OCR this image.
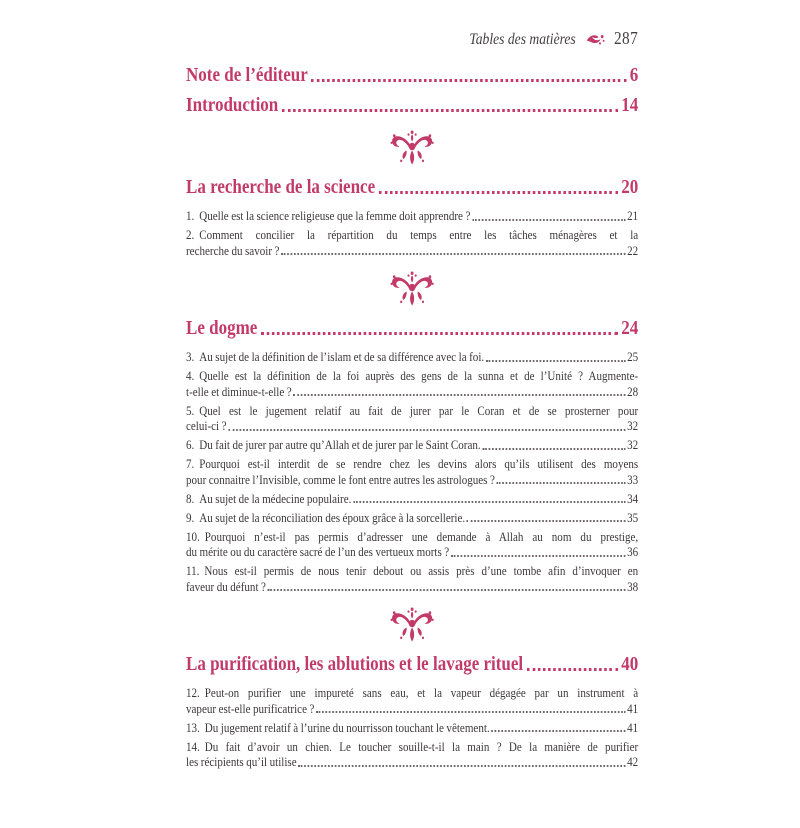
Tables des matières 287
Note de l’éditeur	6
Introduction	14
La recherche de la science	20
1. Quelle est la science religieuse que la femme doit apprendre ?	21
2. Comment concilier la répartition du temps entre les tâches ménagères et la
recherche du savoir ?	22
Le dogme	24
3. Au sujet de la définition de l’islam et de sa différence avec la foi.	25
4. Quelle est la définition de la foi auprès des gens de la sunna et de l’Unité ? Augmente-
t-elle et diminue-t-elle ?	28
5. Quel est le jugement relatif au fait de jurer par le Coran et de se prosterner pour
celui-ci ?	32
6. Du fait de jurer par autre qu’Allah et de jurer par le Saint Coran.	32
7. Pourquoi est-il interdit de se rendre chez les devins alors qu’ils utilisent des moyens
pour connaitre l’Invisible, comme le font entre autres les astrologues ?	33
8. Au sujet de la médecine populaire.	34
9. Au sujet de la réconciliation des époux grâce à la sorcellerie.	35
10. Pourquoi n’est-il pas permis d’adresser une demande à Allah au nom du prestige,
du mérite ou du caractère sacré de l’un des vertueux morts ?	36
11. Nous est-il permis de nous tenir debout ou assis près d’une tombe afin d’invoquer en
faveur du défunt ?	38
La purification, les ablutions et le lavage rituel	40
12. Peut-on purifier une impureté sans eau, et la vapeur dégagée par un instrument à
vapeur est-elle purificatrice ?	41
13. Du jugement relatif à l’urine du nourrisson touchant le vêtement.	41
14. Du fait d’avoir un chien. Le toucher souille-t-il la main ? De la manière de purifier
les récipients qu’il utilise	42
